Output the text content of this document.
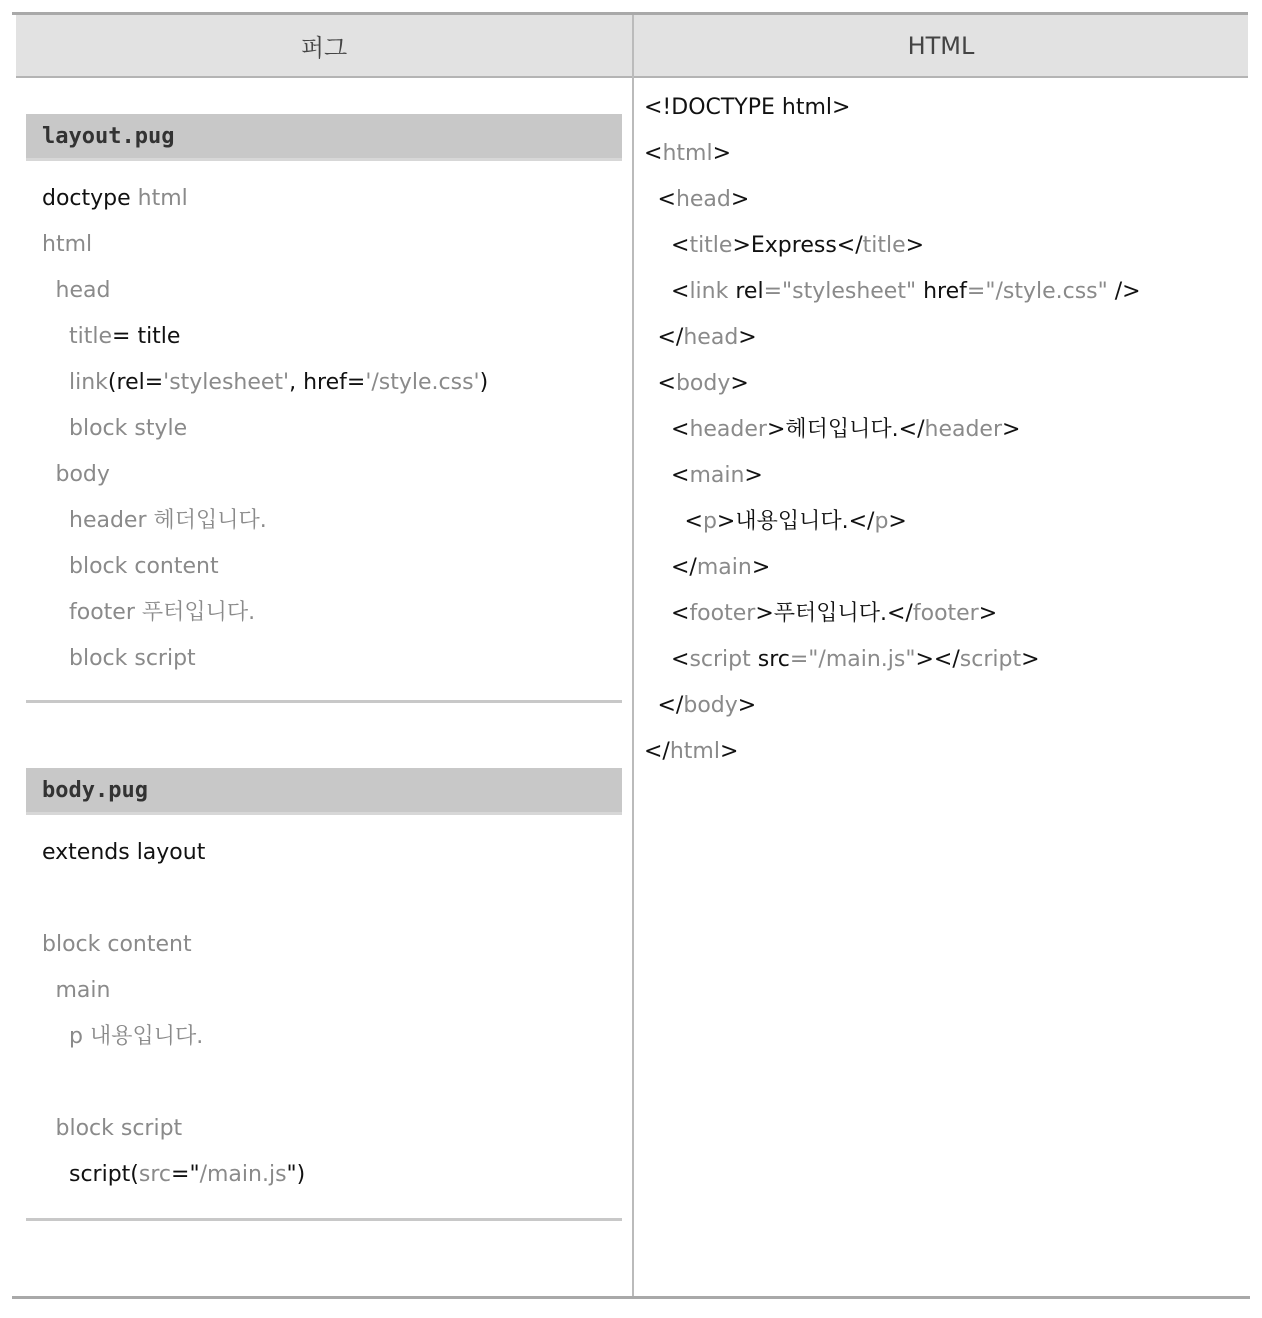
퍼그	HTML
layout.pug
doctype html
html
head
title= title
link(rel='stylesheet', href='/style.css')
block style
body
header 헤더입니다.
block content
footer 푸터입니다.
block script
body.pug
extends layout
block content
main
p 내용입니다.
block script
script(src="/main.js")
<!DOCTYPE html>
<html>
<head>
<title>Express</title>
<link rel="stylesheet" href="/style.css" />
</head>
<body>
<header>헤더입니다.</header>
<main>
<p>내용입니다.</p>
</main>
<footer>푸터입니다.</footer>
<script src="/main.js"></script>
</body>
</html>
